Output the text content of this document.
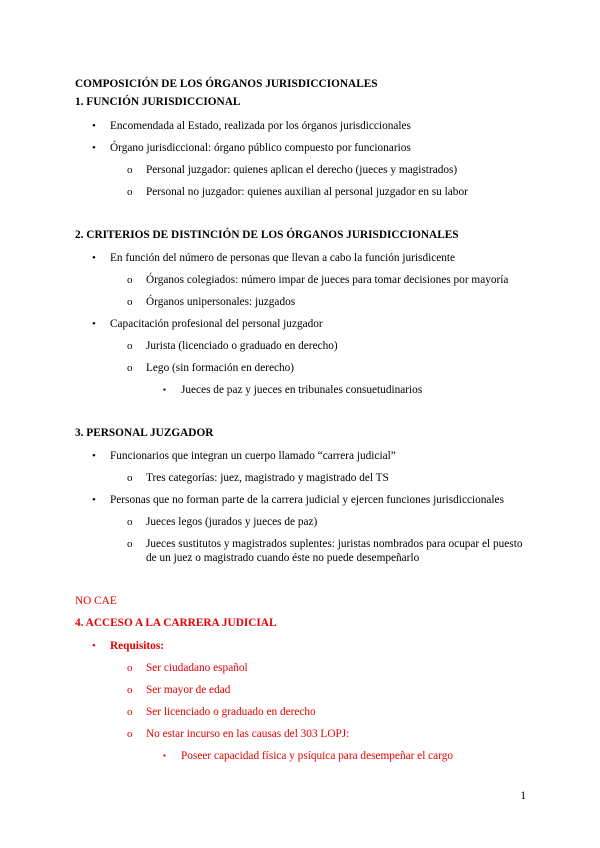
COMPOSICIÓN DE LOS ÓRGANOS JURISDICCIONALES
1. FUNCIÓN JURISDICCIONAL
• Encomendada al Estado, realizada por los órganos jurisdiccionales
• Órgano jurisdiccional: órgano público compuesto por funcionarios
o Personal juzgador: quienes aplican el derecho (jueces y magistrados)
o Personal no juzgador: quienes auxilian al personal juzgador en su labor
2. CRITERIOS DE DISTINCIÓN DE LOS ÓRGANOS JURISDICCIONALES
• En función del número de personas que llevan a cabo la función jurisdicente
o Órganos colegiados: número impar de jueces para tomar decisiones por mayoría
o Órganos unipersonales: juzgados
• Capacitación profesional del personal juzgador
o Jurista (licenciado o graduado en derecho)
o Lego (sin formación en derecho)
▪ Jueces de paz y jueces en tribunales consuetudinarios
3. PERSONAL JUZGADOR
• Funcionarios que integran un cuerpo llamado “carrera judicial”
o Tres categorías: juez, magistrado y magistrado del TS
• Personas que no forman parte de la carrera judicial y ejercen funciones jurisdiccionales
o Jueces legos (jurados y jueces de paz)
o Jueces sustitutos y magistrados suplentes: juristas nombrados para ocupar el puesto
de un juez o magistrado cuando éste no puede desempeñarlo
NO CAE
4. ACCESO A LA CARRERA JUDICIAL
• Requisitos:
o Ser ciudadano español
o Ser mayor de edad
o Ser licenciado o graduado en derecho
o No estar incurso en las causas del 303 LOPJ:
▪ Poseer capacidad física y psíquica para desempeñar el cargo
1
